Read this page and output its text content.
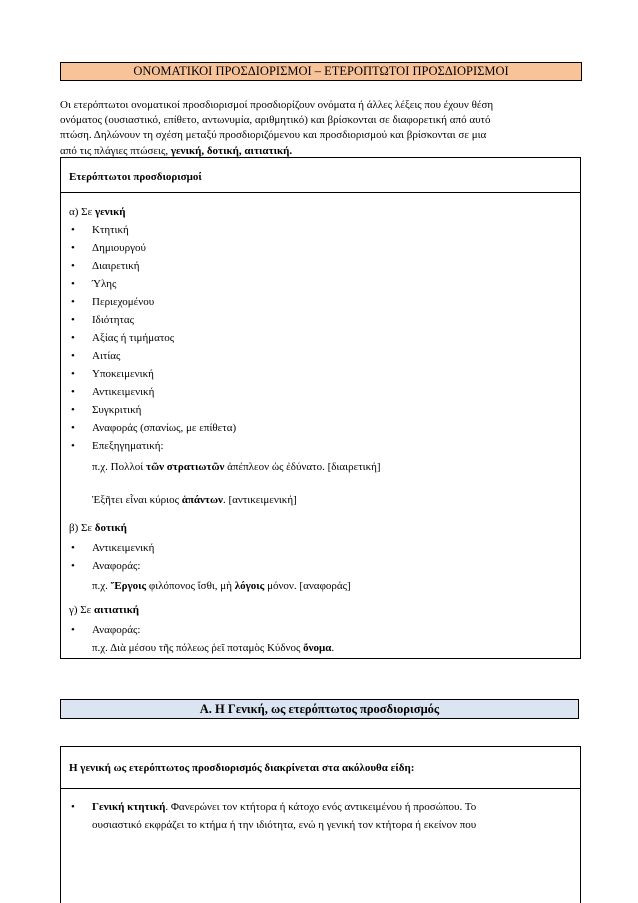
ΟΝΟΜΑΤΙΚΟΙ ΠΡΟΣΔΙΟΡΙΣΜΟΙ – ΕΤΕΡΟΠΤΩΤΟΙ ΠΡΟΣΔΙΟΡΙΣΜΟΙ

Οι ετερόπτωτοι ονοματικοί προσδιορισμοί προσδιορίζουν ονόματα ή άλλες λέξεις που έχουν θέση

ονόματος (ουσιαστικό, επίθετο, αντωνυμία, αριθμητικό) και βρίσκονται σε διαφορετική από αυτό

πτώση. Δηλώνουν τη σχέση μεταξύ προσδιοριζόμενου και προσδιορισμού και βρίσκονται σε μια

από τις πλάγιες πτώσεις, γενική, δοτική, αιτιατική.

Ετερόπτωτοι προσδιορισμοί
α) Σε γενική
• Κτητική
• Δημιουργού
• Διαιρετική
• Ύλης
• Περιεχομένου
• Ιδιότητας
• Αξίας ή τιμήματος
• Αιτίας
• Υποκειμενική
• Αντικειμενική
• Συγκριτική
• Αναφοράς (σπανίως, με επίθετα)
• Επεξηγηματική:
π.χ. Πολλοί τῶν στρατιωτῶν ἀπέπλεον ὡς ἐδύνατο. [διαιρετική]
Ἐξῆτει εἶναι κύριος ἁπάντων. [αντικειμενική]
β) Σε δοτική
• Αντικειμενική
• Αναφοράς:
π.χ. Ἔργοις φιλόπονος ἴσθι, μὴ λόγοις μόνον. [αναφοράς]
γ) Σε αιτιατική
• Αναφοράς:
π.χ. Διὰ μέσου τῆς πόλεως ῥεῖ ποταμὸς Κύδνος ὄνομα.
Α. Η Γενική, ως ετερόπτωτος προσδιορισμός
Η γενική ως ετερόπτωτος προσδιορισμός διακρίνεται στα ακόλουθα είδη:
• Γενική κτητική. Φανερώνει τον κτήτορα ή κάτοχο ενός αντικειμένου ή προσώπου. Το
ουσιαστικό εκφράζει το κτήμα ή την ιδιότητα, ενώ η γενική τον κτήτορα ή εκείνον που
